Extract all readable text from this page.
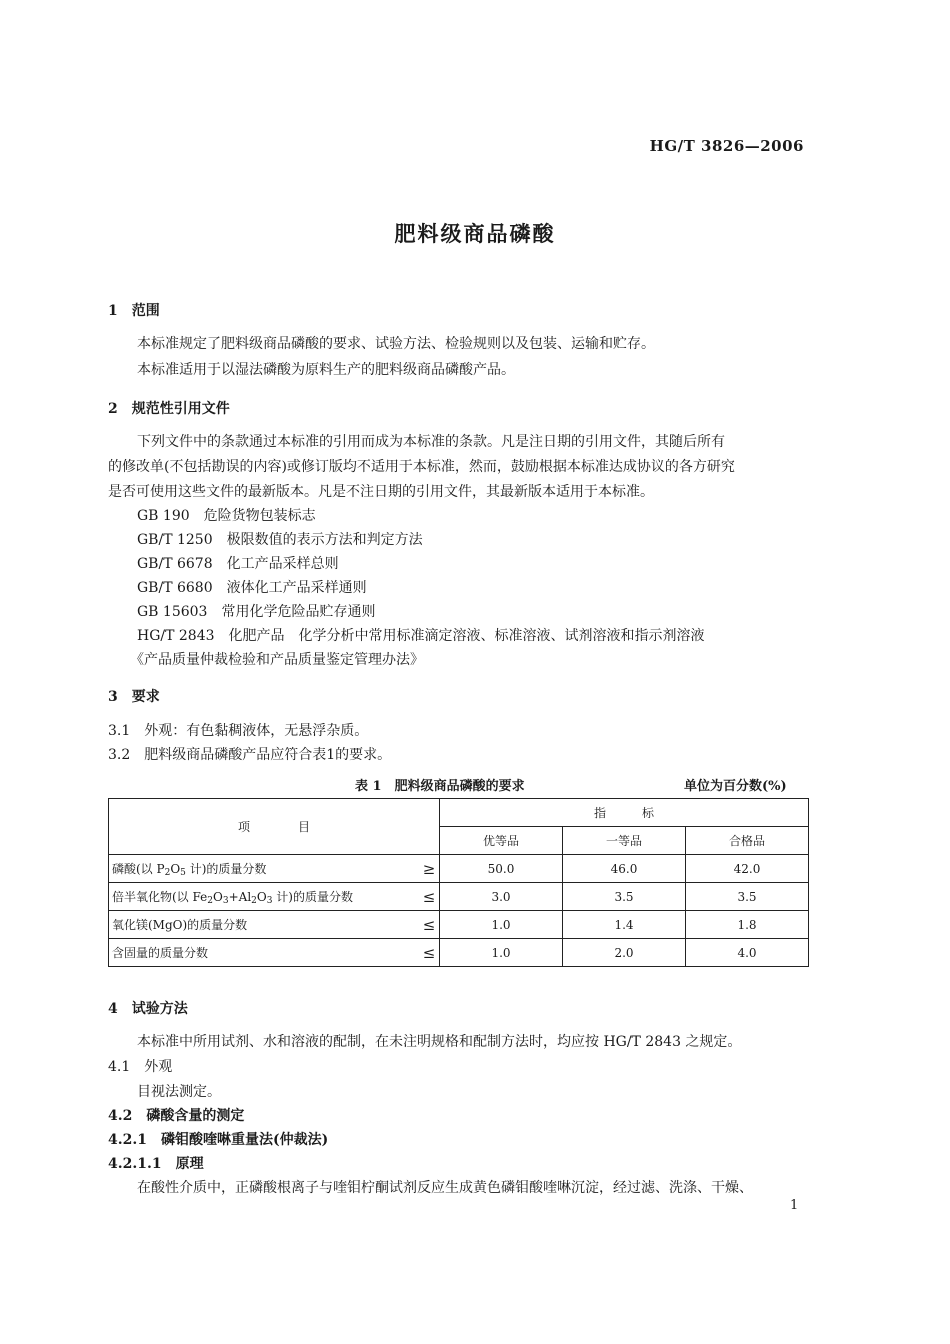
HG/T 3826—2006
肥料级商品磷酸
1　范围
本标准规定了肥料级商品磷酸的要求、试验方法、检验规则以及包装、运输和贮存。
本标准适用于以湿法磷酸为原料生产的肥料级商品磷酸产品。
2　规范性引用文件
下列文件中的条款通过本标准的引用而成为本标准的条款。凡是注日期的引用文件，其随后所有
的修改单(不包括勘误的内容)或修订版均不适用于本标准，然而，鼓励根据本标准达成协议的各方研究
是否可使用这些文件的最新版本。凡是不注日期的引用文件，其最新版本适用于本标准。
GB 190　危险货物包装标志
GB/T 1250　极限数值的表示方法和判定方法
GB/T 6678　化工产品采样总则
GB/T 6680　液体化工产品采样通则
GB 15603　常用化学危险品贮存通则
HG/T 2843　化肥产品　化学分析中常用标准滴定溶液、标准溶液、试剂溶液和指示剂溶液
《产品质量仲裁检验和产品质量鉴定管理办法》
3　要求
3.1　外观：有色黏稠液体，无悬浮杂质。
3.2　肥料级商品磷酸产品应符合表1的要求。
表 1　肥料级商品磷酸的要求	单位为百分数(%)
项　　　　目		指　　　标		
		优等品	一等品	合格品
磷酸(以 $P_2O_5$ 计)的质量分数	≥	50.0	46.0	42.0
倍半氧化物(以 $Fe_2O_3+Al_2O_3$ 计)的质量分数	≤	3.0	3.5	3.5
氧化镁(MgO)的质量分数	≤	1.0	1.4	1.8
含固量的质量分数	≤	1.0	2.0	4.0
4　试验方法
本标准中所用试剂、水和溶液的配制，在未注明规格和配制方法时，均应按 HG/T 2843 之规定。
4.1　外观
目视法测定。
4.2　磷酸含量的测定
4.2.1　磷钼酸喹啉重量法(仲裁法)
4.2.1.1　原理
在酸性介质中，正磷酸根离子与喹钼柠酮试剂反应生成黄色磷钼酸喹啉沉淀，经过滤、洗涤、干燥、
1
